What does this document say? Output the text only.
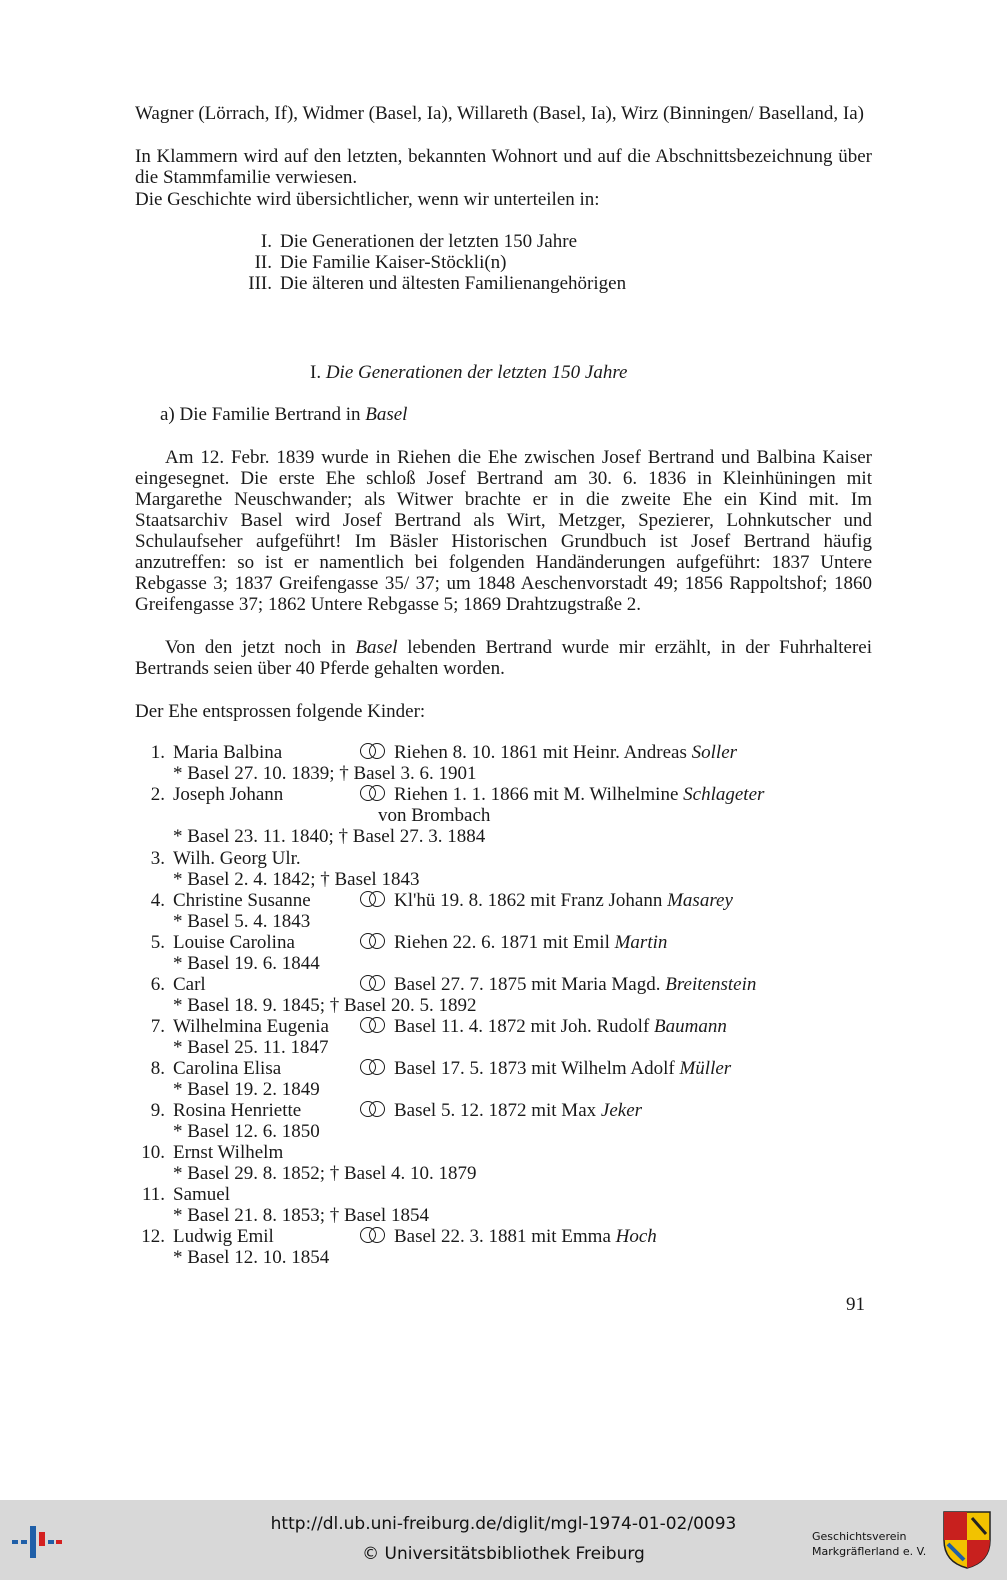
Wagner (Lörrach, If), Widmer (Basel, Ia), Willareth (Basel, Ia), Wirz (Binningen/ Baselland, Ia)
In Klammern wird auf den letzten, bekannten Wohnort und auf die Abschnittsbezeichnung über die Stammfamilie verwiesen.
Die Geschichte wird übersichtlicher, wenn wir unterteilen in:
I. Die Generationen der letzten 150 Jahre
II. Die Familie Kaiser-Stöckli(n)
III. Die älteren und ältesten Familienangehörigen
I. Die Generationen der letzten 150 Jahre
a) Die Familie Bertrand in Basel
Am 12. Febr. 1839 wurde in Riehen die Ehe zwischen Josef Bertrand und Balbina Kaiser eingesegnet. Die erste Ehe schloß Josef Bertrand am 30. 6. 1836 in Kleinhüningen mit Margarethe Neuschwander; als Witwer brachte er in die zweite Ehe ein Kind mit. Im Staatsarchiv Basel wird Josef Bertrand als Wirt, Metzger, Spezierer, Lohnkutscher und Schulaufseher aufgeführt! Im Bäsler Historischen Grundbuch ist Josef Bertrand häufig anzutreffen: so ist er namentlich bei folgenden Handänderungen aufgeführt: 1837 Untere Rebgasse 3; 1837 Greifengasse 35/ 37; um 1848 Aeschenvorstadt 49; 1856 Rappoltshof; 1860 Greifengasse 37; 1862 Untere Rebgasse 5; 1869 Drahtzugstraße 2.
Von den jetzt noch in Basel lebenden Bertrand wurde mir erzählt, in der Fuhrhalterei Bertrands seien über 40 Pferde gehalten worden.
Der Ehe entsprossen folgende Kinder:
1. Maria Balbina	Riehen 8. 10. 1861 mit Heinr. Andreas Soller
* Basel 27. 10. 1839; † Basel 3. 6. 1901
2. Joseph Johann	Riehen 1. 1. 1866 mit M. Wilhelmine Schlageter
von Brombach
* Basel 23. 11. 1840; † Basel 27. 3. 1884
3. Wilh. Georg Ulr.
* Basel 2. 4. 1842; † Basel 1843
4. Christine Susanne	Kl'hü 19. 8. 1862 mit Franz Johann Masarey
* Basel 5. 4. 1843
5. Louise Carolina	Riehen 22. 6. 1871 mit Emil Martin
* Basel 19. 6. 1844
6. Carl	Basel 27. 7. 1875 mit Maria Magd. Breitenstein
* Basel 18. 9. 1845; † Basel 20. 5. 1892
7. Wilhelmina Eugenia	Basel 11. 4. 1872 mit Joh. Rudolf Baumann
* Basel 25. 11. 1847
8. Carolina Elisa	Basel 17. 5. 1873 mit Wilhelm Adolf Müller
* Basel 19. 2. 1849
9. Rosina Henriette	Basel 5. 12. 1872 mit Max Jeker
* Basel 12. 6. 1850
10. Ernst Wilhelm
* Basel 29. 8. 1852; † Basel 4. 10. 1879
11. Samuel
* Basel 21. 8. 1853; † Basel 1854
12. Ludwig Emil	Basel 22. 3. 1881 mit Emma Hoch
* Basel 12. 10. 1854
91
http://dl.ub.uni-freiburg.de/diglit/mgl-1974-01-02/0093
© Universitätsbibliothek Freiburg
Geschichtsverein
Markgräflerland e. V.
